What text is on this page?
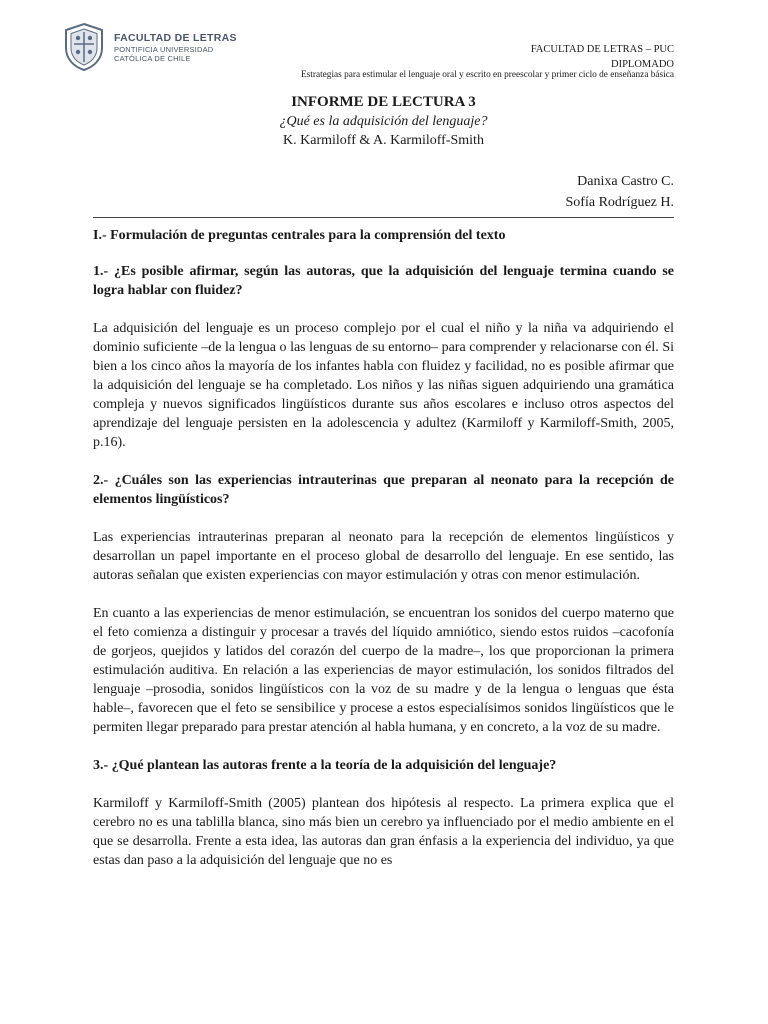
FACULTAD DE LETRAS
PONTIFICIA UNIVERSIDAD
CATÓLICA DE CHILE
FACULTAD DE LETRAS – PUC
DIPLOMADO
Estrategias para estimular el lenguaje oral y escrito en preescolar y primer ciclo de enseñanza básica
INFORME DE LECTURA 3
¿Qué es la adquisición del lenguaje?
K. Karmiloff & A. Karmiloff-Smith
Danixa Castro C.
Sofía Rodríguez H.
I.- Formulación de preguntas centrales para la comprensión del texto
1.- ¿Es posible afirmar, según las autoras, que la adquisición del lenguaje termina cuando se logra hablar con fluidez?

La adquisición del lenguaje es un proceso complejo por el cual el niño y la niña va adquiriendo el dominio suficiente –de la lengua o las lenguas de su entorno– para comprender y relacionarse con él. Si bien a los cinco años la mayoría de los infantes habla con fluidez y facilidad, no es posible afirmar que la adquisición del lenguaje se ha completado. Los niños y las niñas siguen adquiriendo una gramática compleja y nuevos significados lingüísticos durante sus años escolares e incluso otros aspectos del aprendizaje del lenguaje persisten en la adolescencia y adultez (Karmiloff y Karmiloff-Smith, 2005, p.16).

2.- ¿Cuáles son las experiencias intrauterinas que preparan al neonato para la recepción de elementos lingüísticos?

Las experiencias intrauterinas preparan al neonato para la recepción de elementos lingüísticos y desarrollan un papel importante en el proceso global de desarrollo del lenguaje. En ese sentido, las autoras señalan que existen experiencias con mayor estimulación y otras con menor estimulación.

En cuanto a las experiencias de menor estimulación, se encuentran los sonidos del cuerpo materno que el feto comienza a distinguir y procesar a través del líquido amniótico, siendo estos ruidos –cacofonía de gorjeos, quejidos y latidos del corazón del cuerpo de la madre–, los que proporcionan la primera estimulación auditiva. En relación a las experiencias de mayor estimulación, los sonidos filtrados del lenguaje –prosodia, sonidos lingüísticos con la voz de su madre y de la lengua o lenguas que ésta hable–, favorecen que el feto se sensibilice y procese a estos especialísimos sonidos lingüísticos que le permiten llegar preparado para prestar atención al habla humana, y en concreto, a la voz de su madre.

3.- ¿Qué plantean las autoras frente a la teoría de la adquisición del lenguaje?

Karmiloff y Karmiloff-Smith (2005) plantean dos hipótesis al respecto. La primera explica que el cerebro no es una tablilla blanca, sino más bien un cerebro ya influenciado por el medio ambiente en el que se desarrolla. Frente a esta idea, las autoras dan gran énfasis a la experiencia del individuo, ya que estas dan paso a la adquisición del lenguaje que no es
